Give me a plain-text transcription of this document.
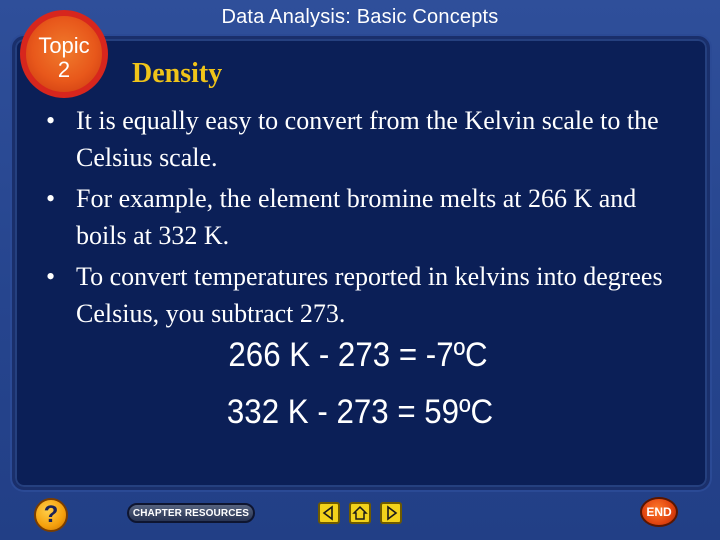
Data Analysis: Basic Concepts
Topic
2	Density
• It is equally easy to convert from the Kelvin scale to the Celsius scale.
• For example, the element bromine melts at 266 K and boils at 332 K.
• To convert temperatures reported in kelvins into degrees Celsius, you subtract 273.
266 K - 273 = -7ºC
332 K - 273 = 59ºC
?	CHAPTER RESOURCES	END
